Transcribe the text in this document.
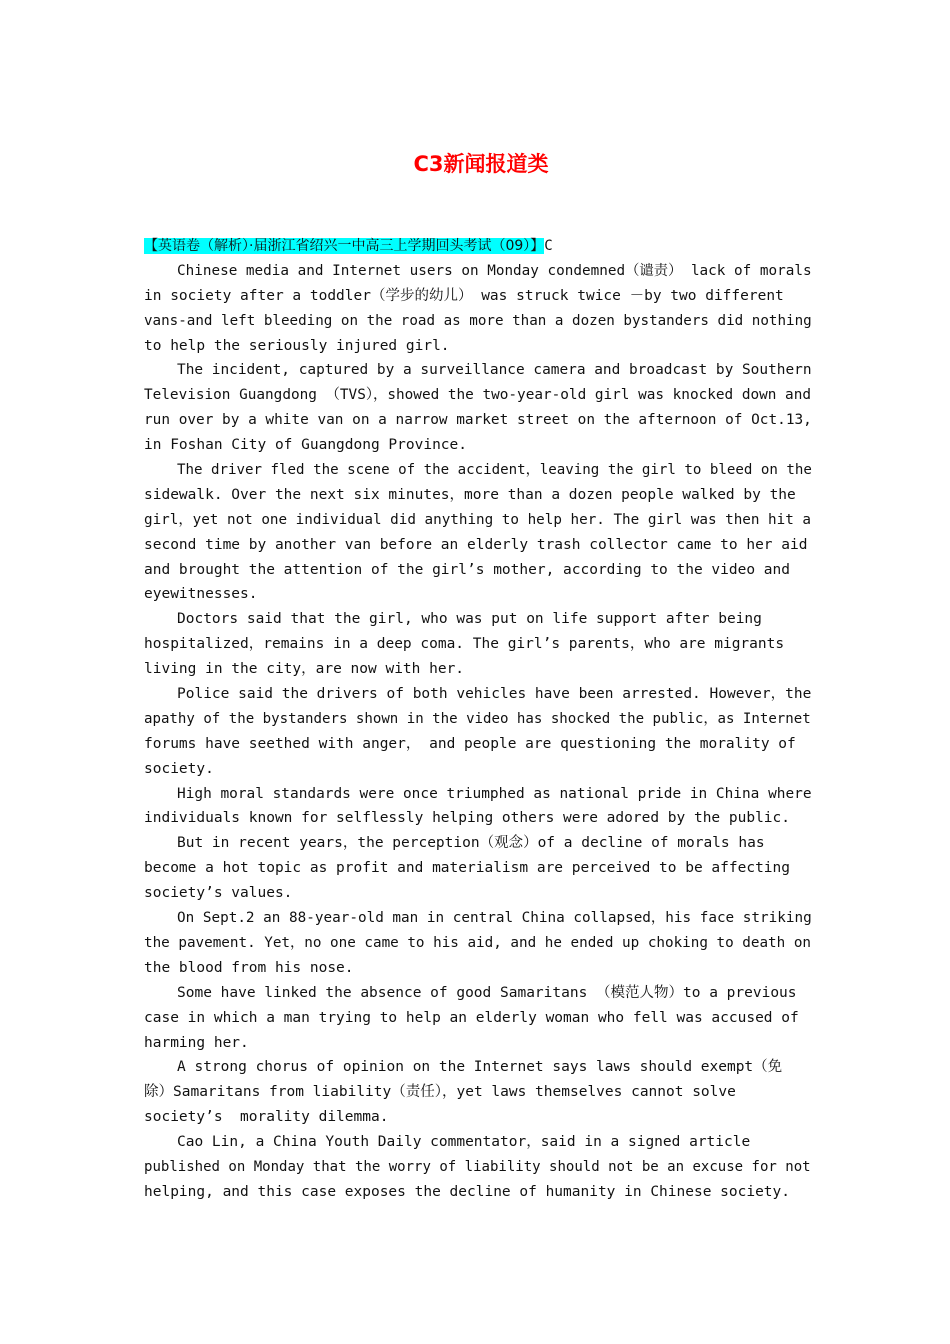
C3新闻报道类
【英语卷（解析）·届浙江省绍兴一中高三上学期回头考试（09）】C
Chinese media and Internet users on Monday condemned（谴责） lack of morals
in society after a toddler（学步的幼儿） was struck twice －by two different
vans-and left bleeding on the road as more than a dozen bystanders did nothing
to help the seriously injured girl.
The incident, captured by a surveillance camera and broadcast by Southern
Television Guangdong （TVS），showed the two-year-old girl was knocked down and
run over by a white van on a narrow market street on the afternoon of Oct.13,
in Foshan City of Guangdong Province.
The driver fled the scene of the accident，leaving the girl to bleed on the
sidewalk. Over the next six minutes，more than a dozen people walked by the
girl，yet not one individual did anything to help her. The girl was then hit a
second time by another van before an elderly trash collector came to her aid
and brought the attention of the girl’s mother, according to the video and
eyewitnesses.
Doctors said that the girl, who was put on life support after being
hospitalized，remains in a deep coma. The girl’s parents，who are migrants
living in the city，are now with her.
Police said the drivers of both vehicles have been arrested. However，the
apathy of the bystanders shown in the video has shocked the public，as Internet
forums have seethed with anger， and people are questioning the morality of
society.
High moral standards were once triumphed as national pride in China where
individuals known for selflessly helping others were adored by the public.
But in recent years，the perception（观念）of a decline of morals has
become a hot topic as profit and materialism are perceived to be affecting
society’s values.
On Sept.2 an 88-year-old man in central China collapsed，his face striking
the pavement. Yet，no one came to his aid, and he ended up choking to death on
the blood from his nose.
Some have linked the absence of good Samaritans （模范人物）to a previous
case in which a man trying to help an elderly woman who fell was accused of
harming her.
A strong chorus of opinion on the Internet says laws should exempt（免
除）Samaritans from liability（责任），yet laws themselves cannot solve
society’s  morality dilemma.
Cao Lin, a China Youth Daily commentator，said in a signed article
published on Monday that the worry of liability should not be an excuse for not
helping, and this case exposes the decline of humanity in Chinese society.
